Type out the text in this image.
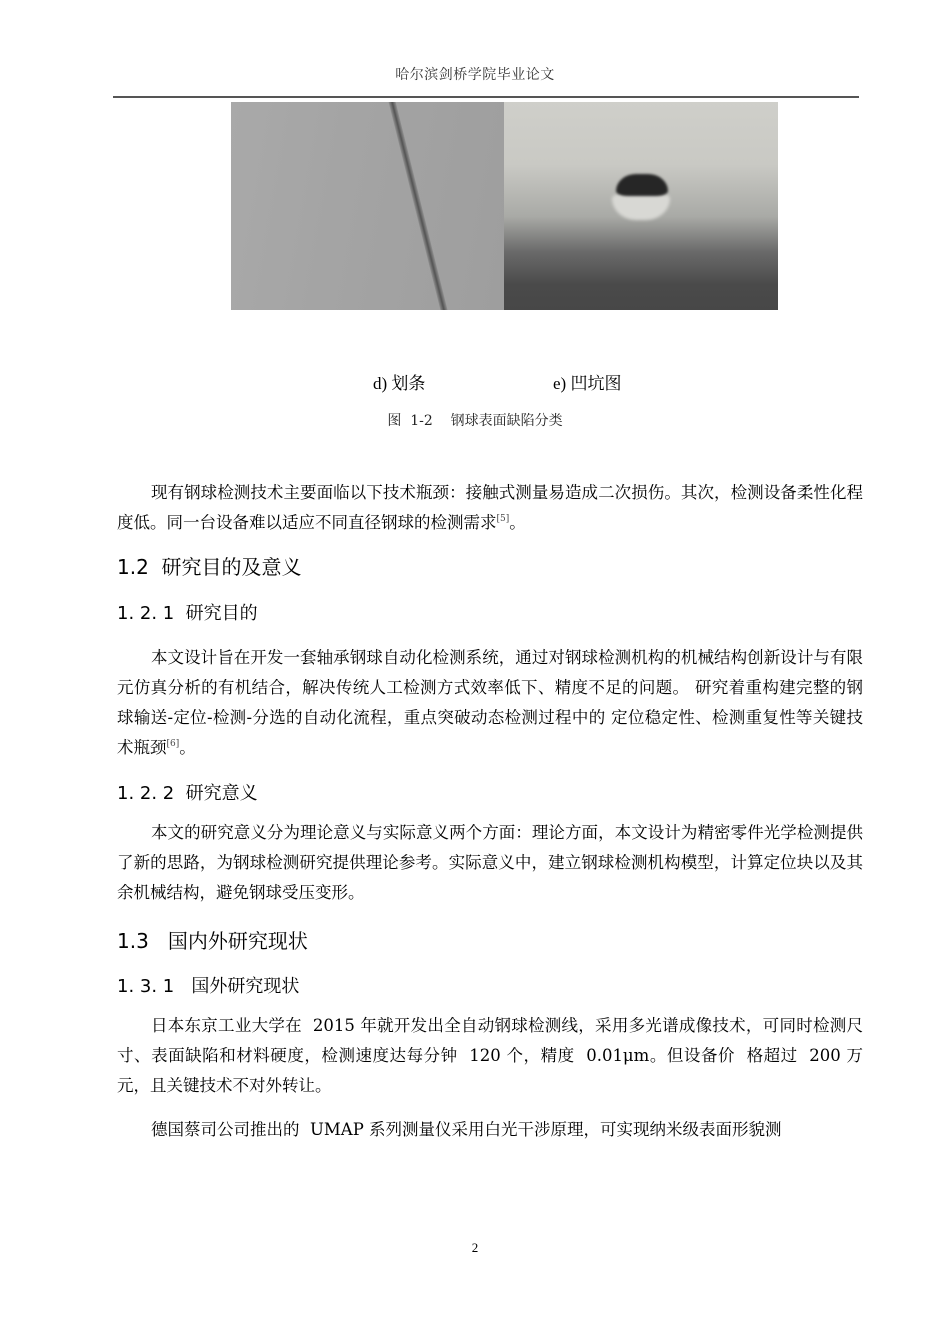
哈尔滨剑桥学院毕业论文
d) 划条	e) 凹坑图
图  1-2    钢球表面缺陷分类
现有钢球检测技术主要面临以下技术瓶颈：接触式测量易造成二次损伤。其次，检测设备柔性化程度低。同一台设备难以适应不同直径钢球的检测需求[5]。
1.2  研究目的及意义
1. 2. 1  研究目的
本文设计旨在开发一套轴承钢球自动化检测系统，通过对钢球检测机构的机械结构创新设计与有限元仿真分析的有机结合，解决传统人工检测方式效率低下、精度不足的问题。 研究着重构建完整的钢球输送-定位-检测-分选的自动化流程，重点突破动态检测过程中的 定位稳定性、检测重复性等关键技术瓶颈[6]。
1. 2. 2  研究意义
本文的研究意义分为理论意义与实际意义两个方面：理论方面，本文设计为精密零件光学检测提供了新的思路，为钢球检测研究提供理论参考。实际意义中，建立钢球检测机构模型，计算定位块以及其余机械结构，避免钢球受压变形。
1.3   国内外研究现状
1. 3. 1   国外研究现状
日本东京工业大学在  2015 年就开发出全自动钢球检测线，采用多光谱成像技术，可同时检测尺寸、表面缺陷和材料硬度，检测速度达每分钟  120 个，精度  0.01μm。但设备价  格超过  200 万元，且关键技术不对外转让。
德国蔡司公司推出的  UMAP 系列测量仪采用白光干涉原理，可实现纳米级表面形貌测
2
